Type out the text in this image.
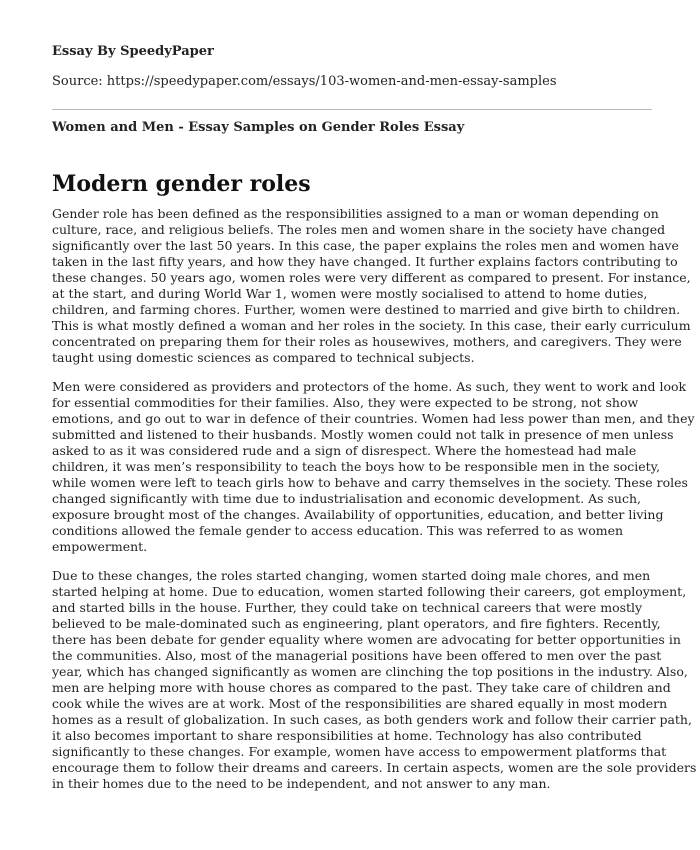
Essay By SpeedyPaper
Source: https://speedypaper.com/essays/103-women-and-men-essay-samples
Women and Men - Essay Samples on Gender Roles Essay
Modern gender roles

Gender role has been defined as the responsibilities assigned to a man or woman depending on
culture, race, and religious beliefs. The roles men and women share in the society have changed
significantly over the last 50 years. In this case, the paper explains the roles men and women have
taken in the last fifty years, and how they have changed. It further explains factors contributing to
these changes. 50 years ago, women roles were very different as compared to present. For instance,
at the start, and during World War 1, women were mostly socialised to attend to home duties,
children, and farming chores. Further, women were destined to married and give birth to children.
This is what mostly defined a woman and her roles in the society. In this case, their early curriculum
concentrated on preparing them for their roles as housewives, mothers, and caregivers. They were
taught using domestic sciences as compared to technical subjects.

Men were considered as providers and protectors of the home. As such, they went to work and look
for essential commodities for their families. Also, they were expected to be strong, not show
emotions, and go out to war in defence of their countries. Women had less power than men, and they
submitted and listened to their husbands. Mostly women could not talk in presence of men unless
asked to as it was considered rude and a sign of disrespect. Where the homestead had male
children, it was men’s responsibility to teach the boys how to be responsible men in the society,
while women were left to teach girls how to behave and carry themselves in the society. These roles
changed significantly with time due to industrialisation and economic development. As such,
exposure brought most of the changes. Availability of opportunities, education, and better living
conditions allowed the female gender to access education. This was referred to as women
empowerment.

Due to these changes, the roles started changing, women started doing male chores, and men
started helping at home. Due to education, women started following their careers, got employment,
and started bills in the house. Further, they could take on technical careers that were mostly
believed to be male-dominated such as engineering, plant operators, and fire fighters. Recently,
there has been debate for gender equality where women are advocating for better opportunities in
the communities. Also, most of the managerial positions have been offered to men over the past
year, which has changed significantly as women are clinching the top positions in the industry. Also,
men are helping more with house chores as compared to the past. They take care of children and
cook while the wives are at work. Most of the responsibilities are shared equally in most modern
homes as a result of globalization. In such cases, as both genders work and follow their carrier path,
it also becomes important to share responsibilities at home. Technology has also contributed
significantly to these changes. For example, women have access to empowerment platforms that
encourage them to follow their dreams and careers. In certain aspects, women are the sole providers
in their homes due to the need to be independent, and not answer to any man.
